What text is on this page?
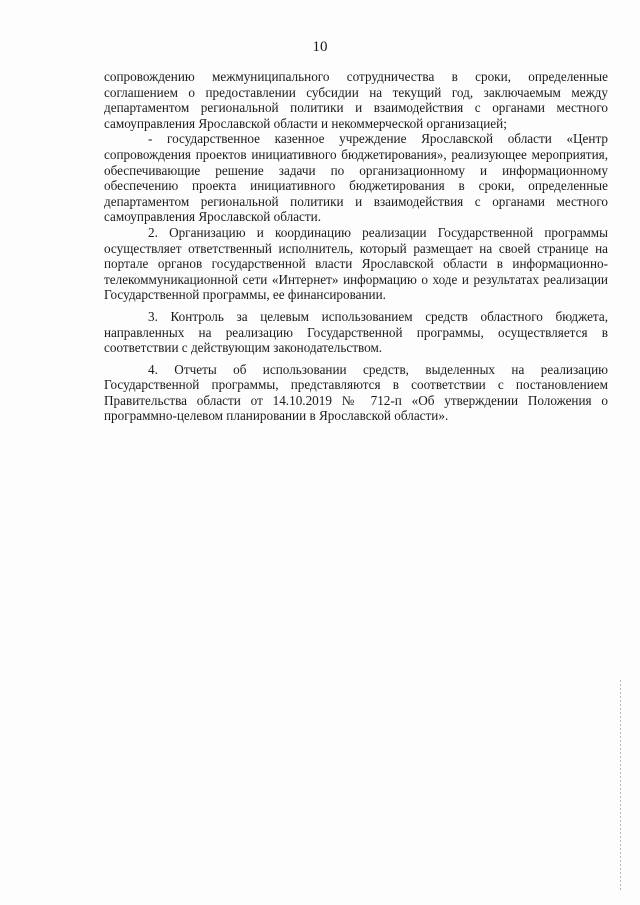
10

сопровождению межмуниципального сотрудничества в сроки, определенные соглашением о предоставлении субсидии на текущий год, заключаемым между департаментом региональной политики и взаимодействия с органами местного самоуправления Ярославской области и некоммерческой организацией;

- государственное казенное учреждение Ярославской области «Центр сопровождения проектов инициативного бюджетирования», реализующее мероприятия, обеспечивающие решение задачи по организационному и информационному обеспечению проекта инициативного бюджетирования в сроки, определенные департаментом региональной политики и взаимодействия с органами местного самоуправления Ярославской области.

2. Организацию и координацию реализации Государственной программы осуществляет ответственный исполнитель, который размещает на своей странице на портале органов государственной власти Ярославской области в информационно-телекоммуникационной сети «Интернет» информацию о ходе и результатах реализации Государственной программы, ее финансировании.

3. Контроль за целевым использованием средств областного бюджета, направленных на реализацию Государственной программы, осуществляется в соответствии с действующим законодательством.

4. Отчеты об использовании средств, выделенных на реализацию Государственной программы, представляются в соответствии с постановлением Правительства области от 14.10.2019 № 712-п «Об утверждении Положения о программно-целевом планировании в Ярославской области».
